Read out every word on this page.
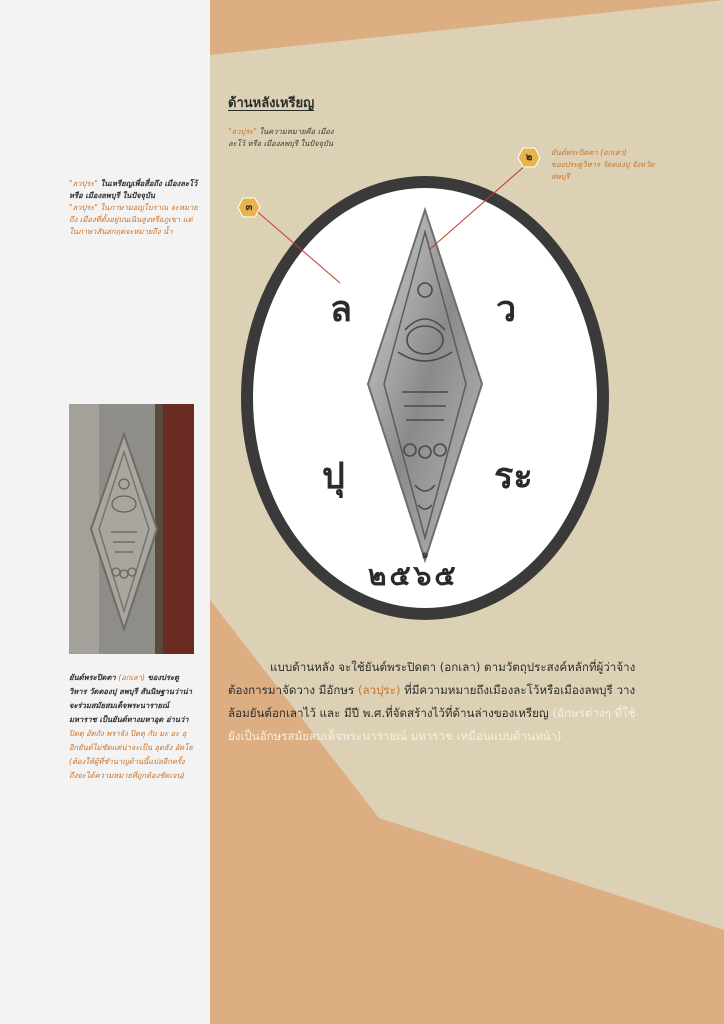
ด้านหลังเหรียญ
"ลวปุระ" ในความหมายคือ เมืองละโว้ หรือ เมืองลพบุรี ในปัจจุบัน
"ลวปุระ" ในเหรียญเพื่อสื่อถึง เมืองละโว้ หรือ เมืองลพบุรี ในปัจจุบัน
"ลวปุระ" ในภาษามอญโบราณ จะหมายถึง เมืองที่ตั้งอยู่บนเนินสูงหรือภูเขา แต่ในภาษาสันสกฤตจะหมายถึง น้ำ
ยันต์พระปิดตา (อกเลา)
ของประตูวิหาร วัดตองปุ จังหวัดลพบุรี
๑
๓
๒
ล	ว
ปุ	ระ
๒๕๖๕
ยันต์พระปิดตา (อกเลา) ของประตูวิหาร วัดตองปุ ลพบุรี สันนิษฐานว่าน่าจะร่วมสมัยสมเด็จพระนารายณ์ มหาราช เป็นยันต์ทางมหาอุด อ่านว่า ปิดตุ อัตถัง พราจัง ปิดตุ กับ มะ อะ อุ อีกยันต์ไม่ชัดแต่น่าจะเป็น อุดธัง อัดโธ (ต้องให้ผู้ที่ชำนาญด้านนี้แปลอีกครั้ง ถึงจะได้ความหมายที่ถูกต้องชัดเจน)
แบบด้านหลัง จะใช้ยันต์พระปิดตา (อกเลา) ตามวัตถุประสงค์หลักที่ผู้ว่าจ้างต้องการมาจัดวาง มีอักษร (ลวปุระ) ที่มีความหมายถึงเมืองละโว้หรือเมืองลพบุรี วางล้อมยันต์อกเลาไว้ และ มีปี พ.ศ.ที่จัดสร้างไว้ที่ด้านล่างของเหรียญ (อักษรต่างๆ ที่ใช้ยังเป็นอักษรสมัยสมเด็จพระนารายณ์ มหาราช เหมือนแบบด้านหน้า)
